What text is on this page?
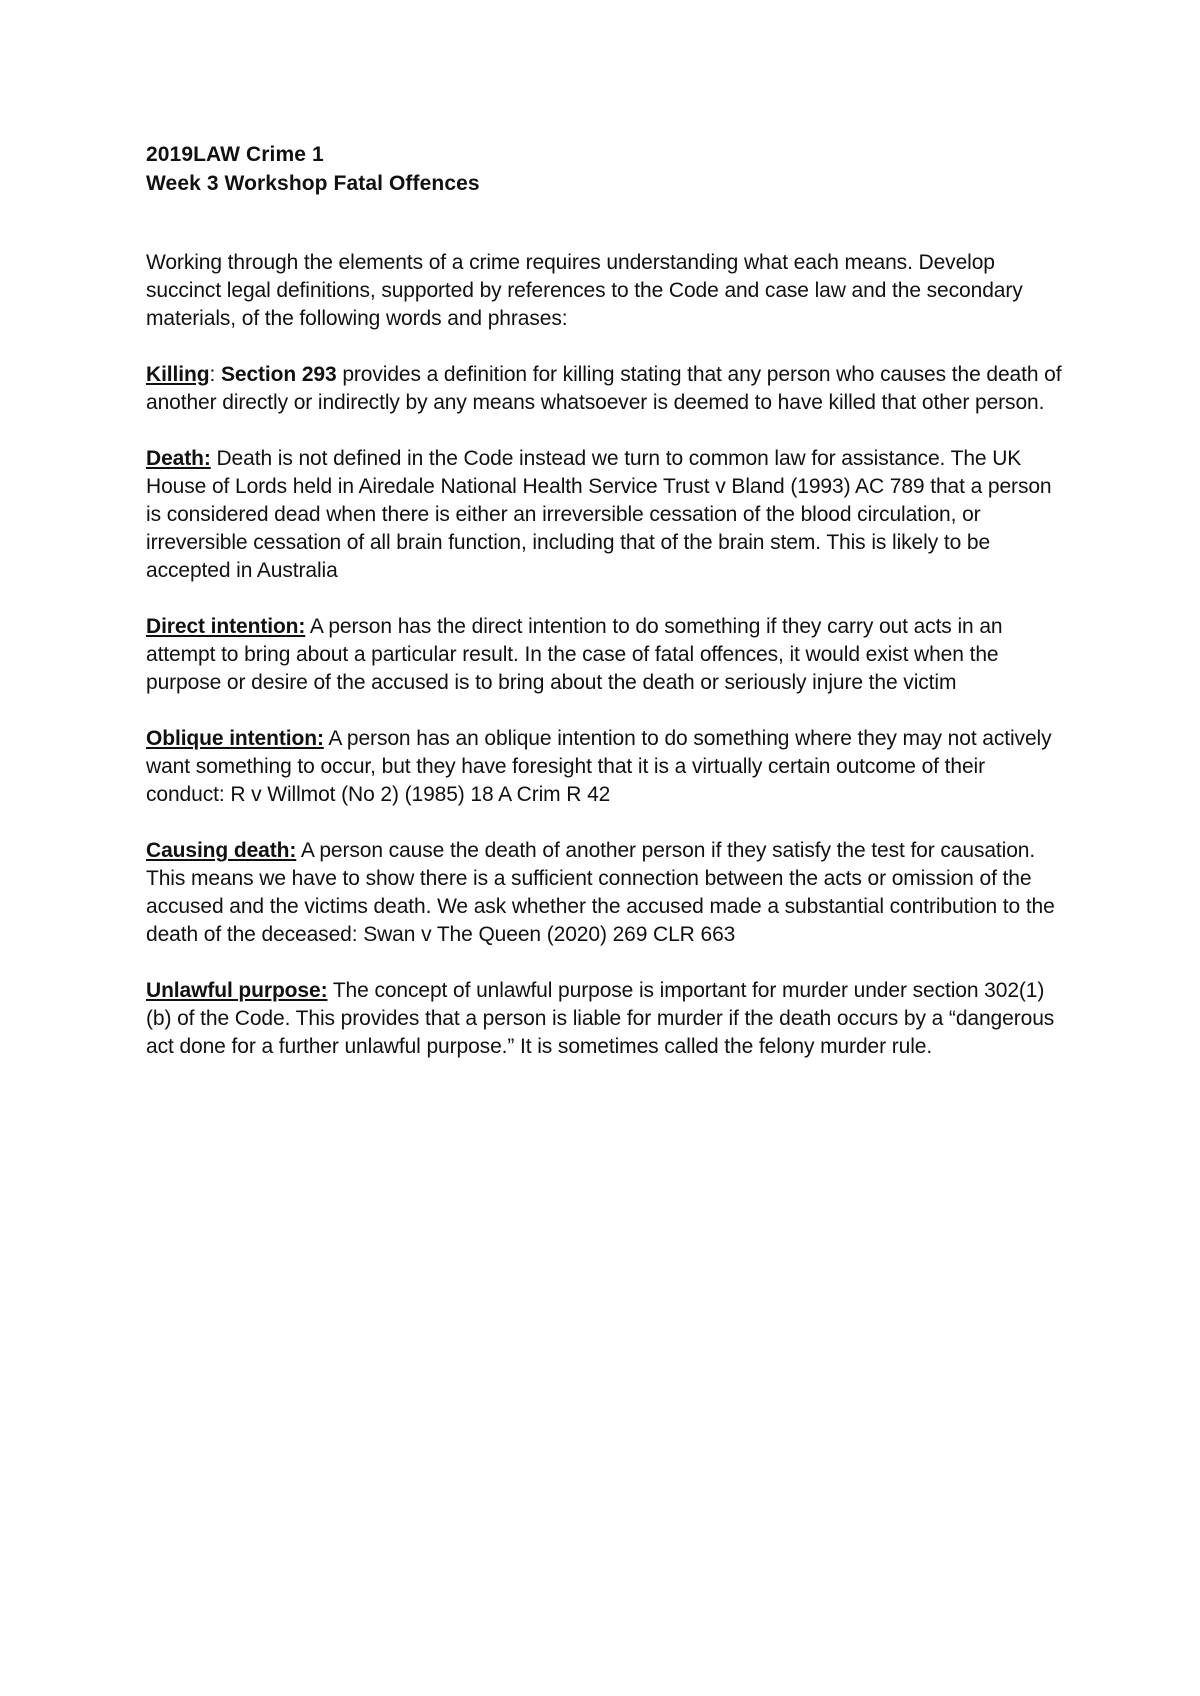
2019LAW Crime 1
Week 3 Workshop Fatal Offences

Working through the elements of a crime requires understanding what each means. Develop succinct legal definitions, supported by references to the Code and case law and the secondary materials, of the following words and phrases:

Killing: Section 293 provides a definition for killing stating that any person who causes the death of another directly or indirectly by any means whatsoever is deemed to have killed that other person.

Death: Death is not defined in the Code instead we turn to common law for assistance. The UK House of Lords held in Airedale National Health Service Trust v Bland (1993) AC 789 that a person is considered dead when there is either an irreversible cessation of the blood circulation, or irreversible cessation of all brain function, including that of the brain stem. This is likely to be accepted in Australia

Direct intention: A person has the direct intention to do something if they carry out acts in an attempt to bring about a particular result. In the case of fatal offences, it would exist when the purpose or desire of the accused is to bring about the death or seriously injure the victim

Oblique intention: A person has an oblique intention to do something where they may not actively want something to occur, but they have foresight that it is a virtually certain outcome of their conduct: R v Willmot (No 2) (1985) 18 A Crim R 42

Causing death: A person cause the death of another person if they satisfy the test for causation. This means we have to show there is a sufficient connection between the acts or omission of the accused and the victims death. We ask whether the accused made a substantial contribution to the death of the deceased: Swan v The Queen (2020) 269 CLR 663

Unlawful purpose: The concept of unlawful purpose is important for murder under section 302(1)(b) of the Code. This provides that a person is liable for murder if the death occurs by a “dangerous act done for a further unlawful purpose.” It is sometimes called the felony murder rule.
